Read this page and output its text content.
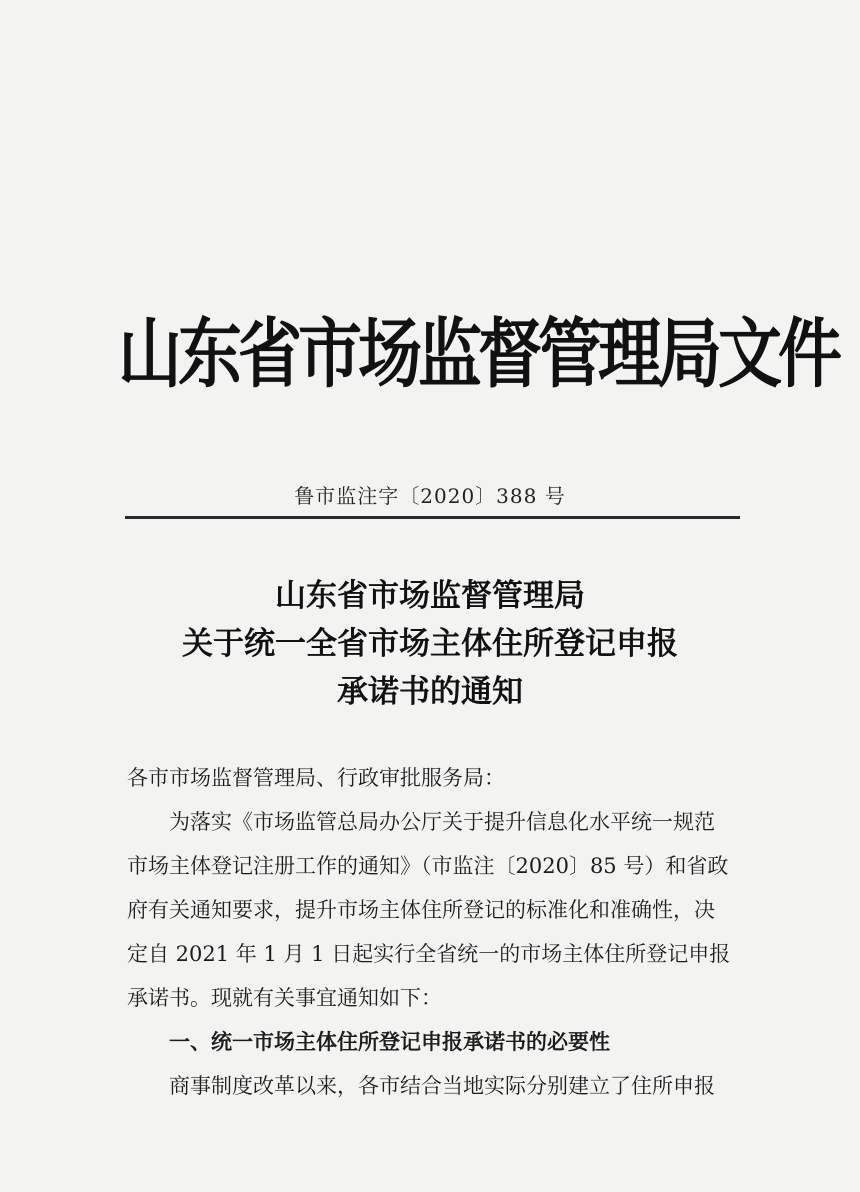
山东省市场监督管理局文件
鲁市监注字〔2020〕388 号
山东省市场监督管理局
关于统一全省市场主体住所登记申报
承诺书的通知
各市市场监督管理局、行政审批服务局：
为落实《市场监管总局办公厅关于提升信息化水平统一规范
市场主体登记注册工作的通知》（市监注〔2020〕85 号）和省政
府有关通知要求，提升市场主体住所登记的标准化和准确性，决
定自 2021 年 1 月 1 日起实行全省统一的市场主体住所登记申报
承诺书。现就有关事宜通知如下：
一、统一市场主体住所登记申报承诺书的必要性
商事制度改革以来，各市结合当地实际分别建立了住所申报
